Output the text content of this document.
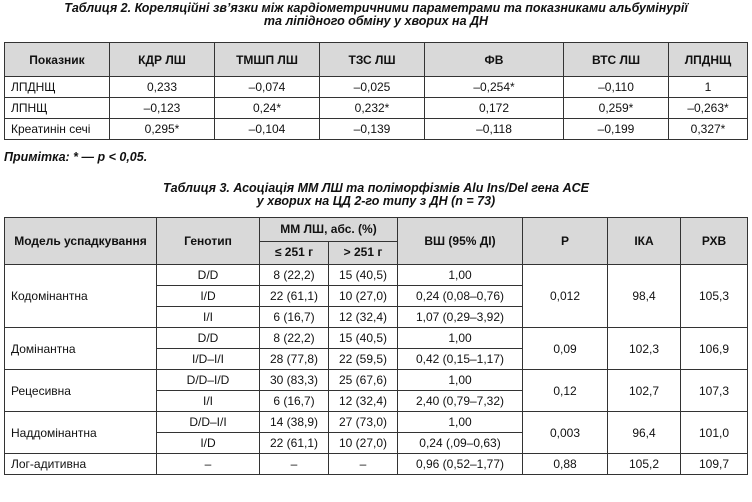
Таблиця 2. Кореляційні зв’язки між кардіометричними параметрами та показниками альбумінурії
та ліпідного обміну у хворих на ДН
Показник	КДР ЛШ	ТМШП ЛШ	ТЗС ЛШ	ФВ	ВТС ЛШ	ЛПДНЩ
ЛПДНЩ	0,233	–0,074	–0,025	–0,254*	–0,110	1
ЛПНЩ	–0,123	0,24*	0,232*	0,172	0,259*	–0,263*
Креатинін сечі	0,295*	–0,104	–0,139	–0,118	–0,199	0,327*
Примітка: * — р < 0,05.
Таблиця 3. Асоціація ММ ЛШ та поліморфізмів Alu Ins/Del гена ACE
у хворих на ЦД 2-го типу з ДН (n = 73)
Модель успадкування	Генотип	ММ ЛШ, абс. (%)		ВШ (95% ДІ)	P	ІКА	РХВ
		≤ 251 г	> 251 г				
Кодомінантна	D/D	8 (22,2)	15 (40,5)	1,00	0,012	98,4	105,3
	I/D	22 (61,1)	10 (27,0)	0,24 (0,08–0,76)			
	I/I	6 (16,7)	12 (32,4)	1,07 (0,29–3,92)			
Домінантна	D/D	8 (22,2)	15 (40,5)	1,00	0,09	102,3	106,9
	I/D–I/I	28 (77,8)	22 (59,5)	0,42 (0,15–1,17)			
Рецесивна	D/D–I/D	30 (83,3)	25 (67,6)	1,00	0,12	102,7	107,3
	I/I	6 (16,7)	12 (32,4)	2,40 (0,79–7,32)			
Наддомінантна	D/D–I/I	14 (38,9)	27 (73,0)	1,00	0,003	96,4	101,0
	I/D	22 (61,1)	10 (27,0)	0,24 (,09–0,63)			
Лог-адитивна	–	–	–	0,96 (0,52–1,77)	0,88	105,2	109,7
